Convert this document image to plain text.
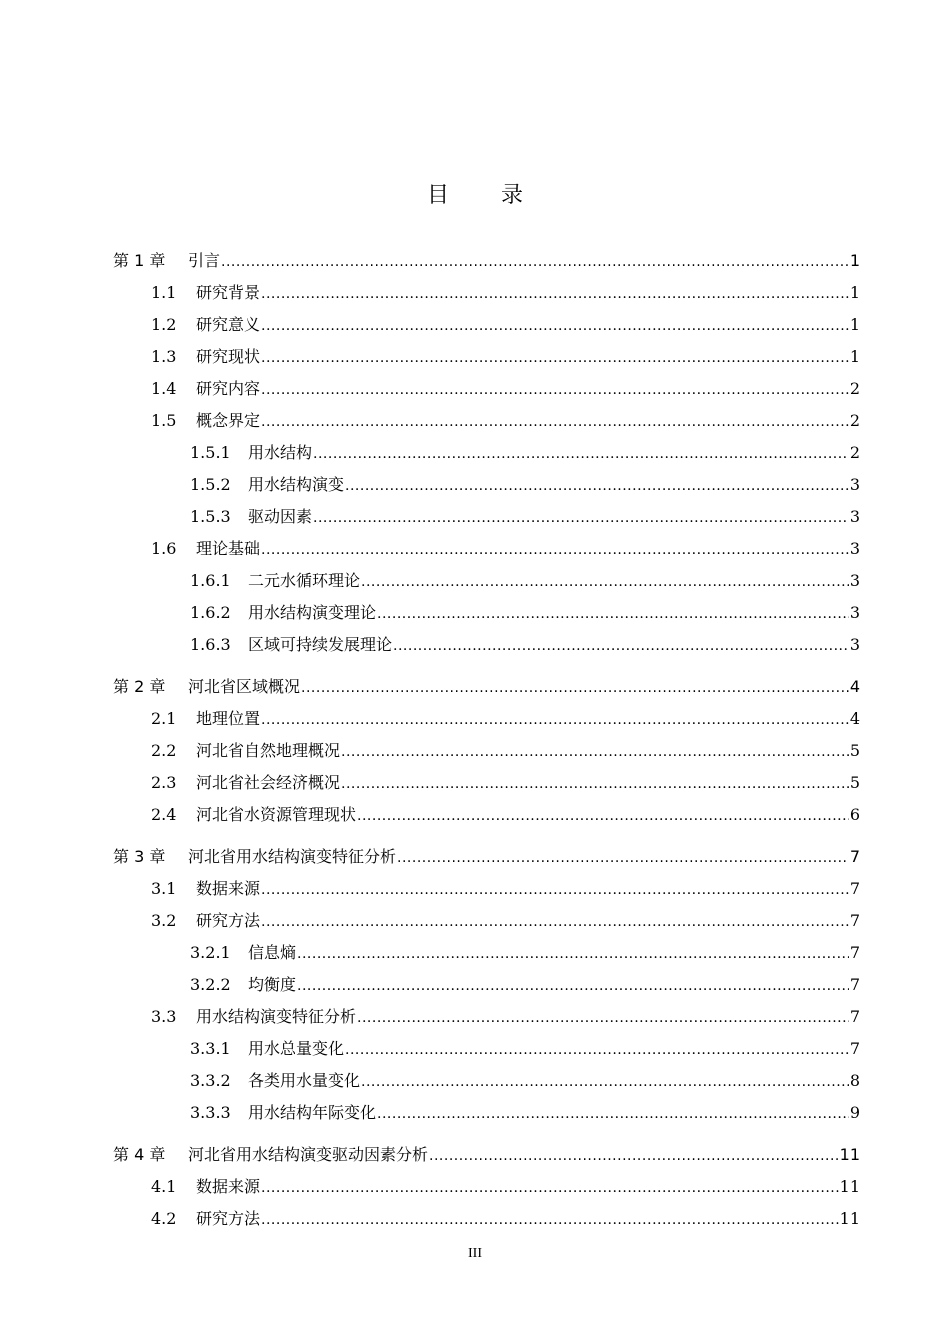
目 录
第 1 章	引言 .....	1
1.1	研究背景 .....	1
1.2	研究意义 .....	1
1.3	研究现状 .....	1
1.4	研究内容 .....	2
1.5	概念界定 .....	2
1.5.1	用水结构 .....	2
1.5.2	用水结构演变 .....	3
1.5.3	驱动因素 .....	3
1.6	理论基础 .....	3
1.6.1	二元水循环理论 .....	3
1.6.2	用水结构演变理论 .....	3
1.6.3	区域可持续发展理论 .....	3
第 2 章	河北省区域概况 .....	4
2.1	地理位置 .....	4
2.2	河北省自然地理概况 .....	5
2.3	河北省社会经济概况 .....	5
2.4	河北省水资源管理现状 .....	6
第 3 章	河北省用水结构演变特征分析 .....	7
3.1	数据来源 .....	7
3.2	研究方法 .....	7
3.2.1	信息熵 .....	7
3.2.2	均衡度 .....	7
3.3	用水结构演变特征分析 .....	7
3.3.1	用水总量变化 .....	7
3.3.2	各类用水量变化 .....	8
3.3.3	用水结构年际变化 .....	9
第 4 章	河北省用水结构演变驱动因素分析 .....	11
4.1	数据来源 .....	11
4.2	研究方法 .....	11
III
